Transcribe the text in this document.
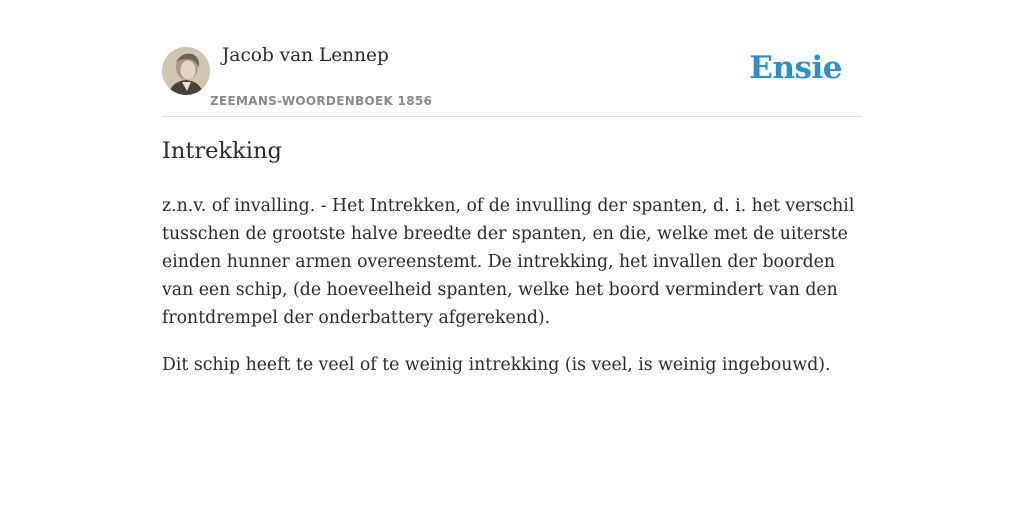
Jacob van Lennep
ZEEMANS-WOORDENBOEK 1856
Ensie
Intrekking

z.n.v. of invalling. - Het Intrekken, of de invulling der spanten, d. i. het verschil tusschen de grootste halve breedte der spanten, en die, welke met de uiterste einden hunner armen overeenstemt. De intrekking, het invallen der boorden van een schip, (de hoeveelheid spanten, welke het boord vermindert van den frontdrempel der onderbattery afgerekend).

Dit schip heeft te veel of te weinig intrekking (is veel, is weinig ingebouwd).
